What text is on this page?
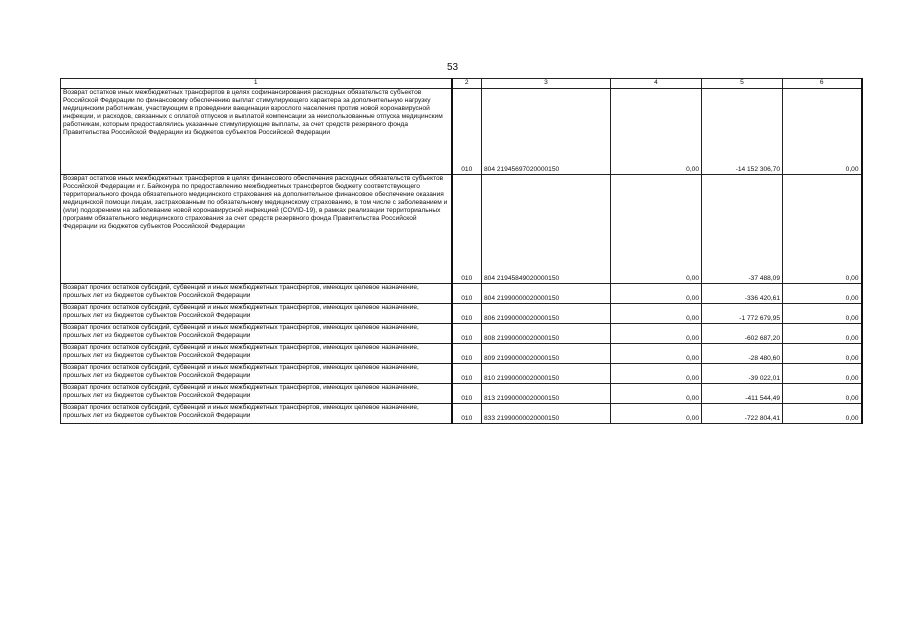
53
1	2	3	4	5	6
Возврат остатков иных межбюджетных трансфертов в целях софинансирования расходных обязательств субъектов Российской Федерации по финансовому обеспечению выплат стимулирующего характера за дополнительную нагрузку медицинским работникам, участвующим в проведении вакцинации взрослого населения против новой коронавирусной инфекции, и расходов, связанных с оплатой отпусков и выплатой компенсации за неиспользованные отпуска медицинским работникам, которым предоставлялись указанные стимулирующие выплаты, за счет средств резервного фонда Правительства Российской Федерации из бюджетов субъектов Российской Федерации	010	804 21945697020000150	0,00	-14 152 306,70	0,00
Возврат остатков иных межбюджетных трансфертов в целях финансового обеспечения расходных обязательств субъектов Российской Федерации и г. Байконура по предоставлению межбюджетных трансфертов бюджету соответствующего территориального фонда обязательного медицинского страхования на дополнительное финансовое обеспечение оказания медицинской помощи лицам, застрахованным по обязательному медицинскому страхованию, в том числе с заболеванием и (или) подозрением на заболевание новой коронавирусной инфекцией (COVID-19), в рамках реализации территориальных программ обязательного медицинского страхования за счет средств резервного фонда Правительства Российской Федерации из бюджетов субъектов Российской Федерации	010	804 21945849020000150	0,00	-37 488,09	0,00
Возврат прочих остатков субсидий, субвенций и иных межбюджетных трансфертов, имеющих целевое назначение, прошлых лет из бюджетов субъектов Российской Федерации	010	804 21990000020000150	0,00	-336 420,61	0,00
Возврат прочих остатков субсидий, субвенций и иных межбюджетных трансфертов, имеющих целевое назначение, прошлых лет из бюджетов субъектов Российской Федерации	010	806 21990000020000150	0,00	-1 772 679,95	0,00
Возврат прочих остатков субсидий, субвенций и иных межбюджетных трансфертов, имеющих целевое назначение, прошлых лет из бюджетов субъектов Российской Федерации	010	808 21990000020000150	0,00	-602 687,20	0,00
Возврат прочих остатков субсидий, субвенций и иных межбюджетных трансфертов, имеющих целевое назначение, прошлых лет из бюджетов субъектов Российской Федерации	010	809 21990000020000150	0,00	-28 480,60	0,00
Возврат прочих остатков субсидий, субвенций и иных межбюджетных трансфертов, имеющих целевое назначение, прошлых лет из бюджетов субъектов Российской Федерации	010	810 21990000020000150	0,00	-39 022,01	0,00
Возврат прочих остатков субсидий, субвенций и иных межбюджетных трансфертов, имеющих целевое назначение, прошлых лет из бюджетов субъектов Российской Федерации	010	813 21990000020000150	0,00	-411 544,49	0,00
Возврат прочих остатков субсидий, субвенций и иных межбюджетных трансфертов, имеющих целевое назначение, прошлых лет из бюджетов субъектов Российской Федерации	010	833 21990000020000150	0,00	-722 804,41	0,00
